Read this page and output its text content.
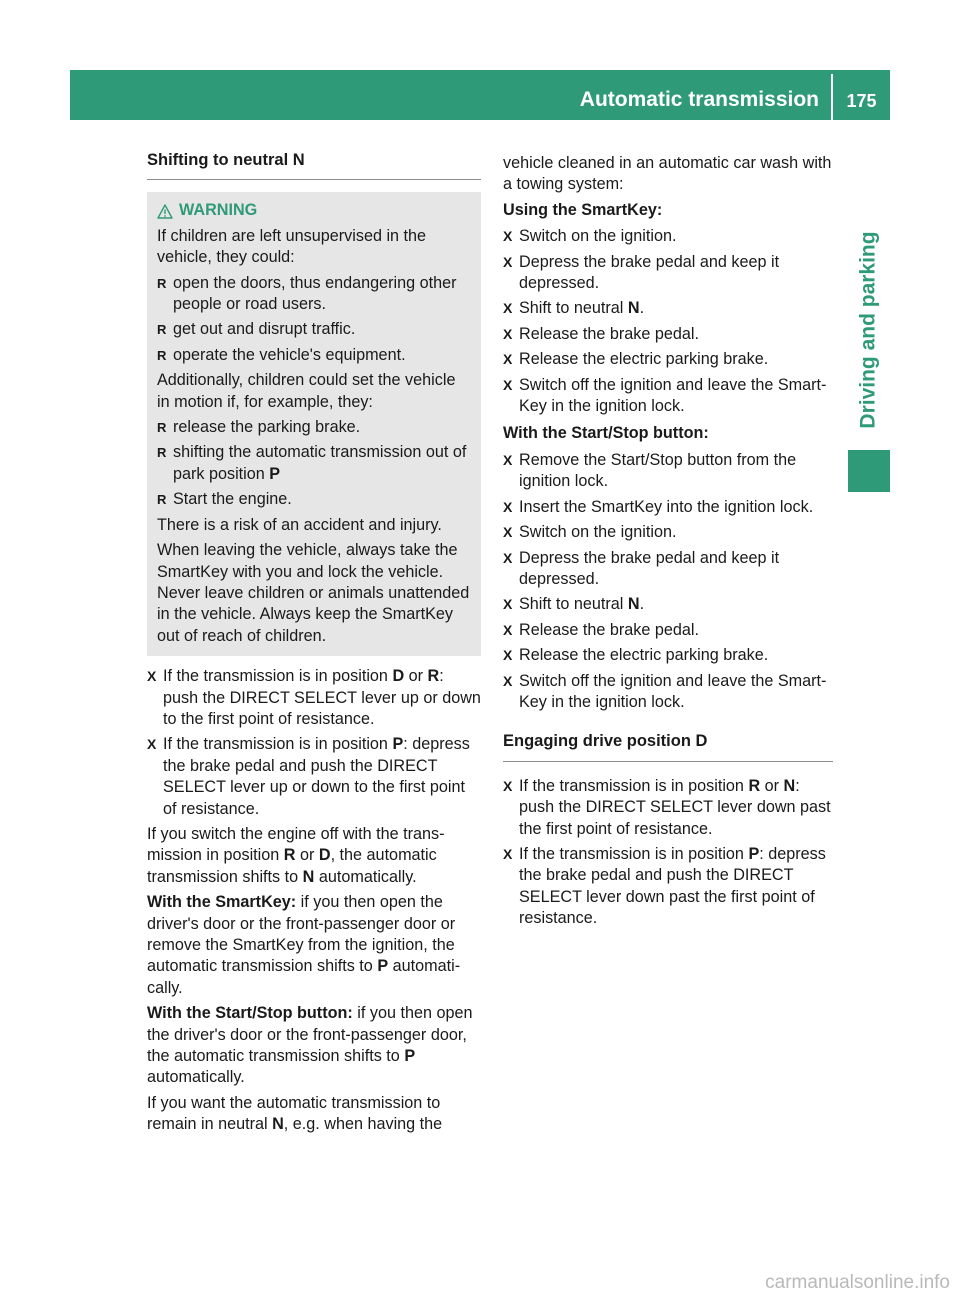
Automatic transmission	175
Driving and parking
Shifting to neutral N
WARNING
If children are left unsupervised in the vehicle, they could:
R open the doors, thus endangering other people or road users.
R get out and disrupt traffic.
R operate the vehicle's equipment.
Additionally, children could set the vehicle in motion if, for example, they:
R release the parking brake.
R shifting the automatic transmission out of park position P
R Start the engine.
There is a risk of an accident and injury.
When leaving the vehicle, always take the SmartKey with you and lock the vehicle. Never leave children or animals unattended in the vehicle. Always keep the SmartKey out of reach of children.
X If the transmission is in position D or R: push the DIRECT SELECT lever up or down to the first point of resistance.
X If the transmission is in position P: depress the brake pedal and push the DIRECT SELECT lever up or down to the first point of resistance.
If you switch the engine off with the trans-mission in position R or D, the automatic transmission shifts to N automatically.
With the SmartKey: if you then open the driver's door or the front-passenger door or remove the SmartKey from the ignition, the automatic transmission shifts to P automati-cally.
With the Start/Stop button: if you then open the driver's door or the front-passenger door, the automatic transmission shifts to P automatically.
If you want the automatic transmission to remain in neutral N, e.g. when having the
vehicle cleaned in an automatic car wash with a towing system:
Using the SmartKey:
X Switch on the ignition.
X Depress the brake pedal and keep it depressed.
X Shift to neutral N.
X Release the brake pedal.
X Release the electric parking brake.
X Switch off the ignition and leave the Smart-Key in the ignition lock.
With the Start/Stop button:
X Remove the Start/Stop button from the ignition lock.
X Insert the SmartKey into the ignition lock.
X Switch on the ignition.
X Depress the brake pedal and keep it depressed.
X Shift to neutral N.
X Release the brake pedal.
X Release the electric parking brake.
X Switch off the ignition and leave the Smart-Key in the ignition lock.
Engaging drive position D
X If the transmission is in position R or N: push the DIRECT SELECT lever down past the first point of resistance.
X If the transmission is in position P: depress the brake pedal and push the DIRECT SELECT lever down past the first point of resistance.
carmanualsonline.info
